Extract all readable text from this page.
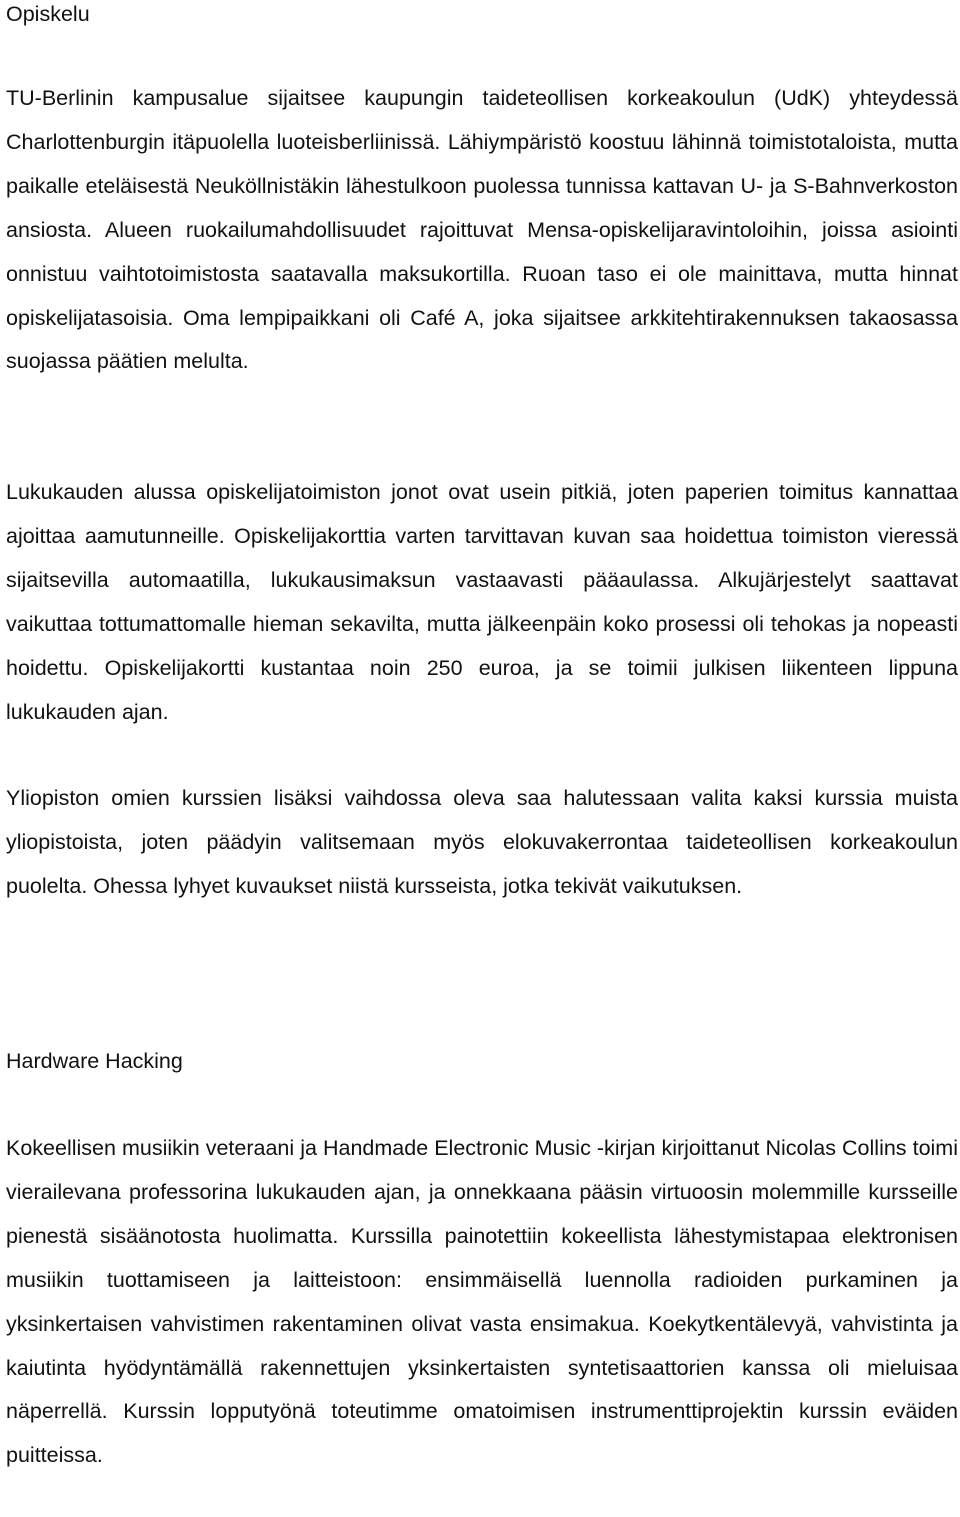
Opiskelu

TU-Berlinin kampusalue sijaitsee kaupungin taideteollisen korkeakoulun (UdK) yhteydessä Charlottenburgin itäpuolella luoteisberliinissä. Lähiympäristö koostuu lähinnä toimistotaloista, mutta paikalle eteläisestä Neuköllnistäkin lähestulkoon puolessa tunnissa kattavan U- ja S-Bahnverkoston ansiosta. Alueen ruokailumahdollisuudet rajoittuvat Mensa-opiskelijaravintoloihin, joissa asiointi onnistuu vaihtotoimistosta saatavalla maksukortilla. Ruoan taso ei ole mainittava, mutta hinnat opiskelijatasoisia. Oma lempipaikkani oli Café A, joka sijaitsee arkkitehtirakennuksen takaosassa suojassa päätien melulta.

Lukukauden alussa opiskelijatoimiston jonot ovat usein pitkiä, joten paperien toimitus kannattaa ajoittaa aamutunneille. Opiskelijakorttia varten tarvittavan kuvan saa hoidettua toimiston vieressä sijaitsevilla automaatilla, lukukausimaksun vastaavasti pääaulassa. Alkujärjestelyt saattavat vaikuttaa tottumattomalle hieman sekavilta, mutta jälkeenpäin koko prosessi oli tehokas ja nopeasti hoidettu. Opiskelijakortti kustantaa noin 250 euroa, ja se toimii julkisen liikenteen lippuna lukukauden ajan.

Yliopiston omien kurssien lisäksi vaihdossa oleva saa halutessaan valita kaksi kurssia muista yliopistoista, joten päädyin valitsemaan myös elokuvakerrontaa taideteollisen korkeakoulun puolelta. Ohessa lyhyet kuvaukset niistä kursseista, jotka tekivät vaikutuksen.

Hardware Hacking

Kokeellisen musiikin veteraani ja Handmade Electronic Music -kirjan kirjoittanut Nicolas Collins toimi vierailevana professorina lukukauden ajan, ja onnekkaana pääsin virtuoosin molemmille kursseille pienestä sisäänotosta huolimatta. Kurssilla painotettiin kokeellista lähestymistapaa elektronisen musiikin tuottamiseen ja laitteistoon: ensimmäisellä luennolla radioiden purkaminen ja yksinkertaisen vahvistimen rakentaminen olivat vasta ensimakua. Koekytkentälevyä, vahvistinta ja kaiutinta hyödyntämällä rakennettujen yksinkertaisten syntetisaattorien kanssa oli mieluisaa näperrellä. Kurssin lopputyönä toteutimme omatoimisen instrumenttiprojektin kurssin eväiden puitteissa.
